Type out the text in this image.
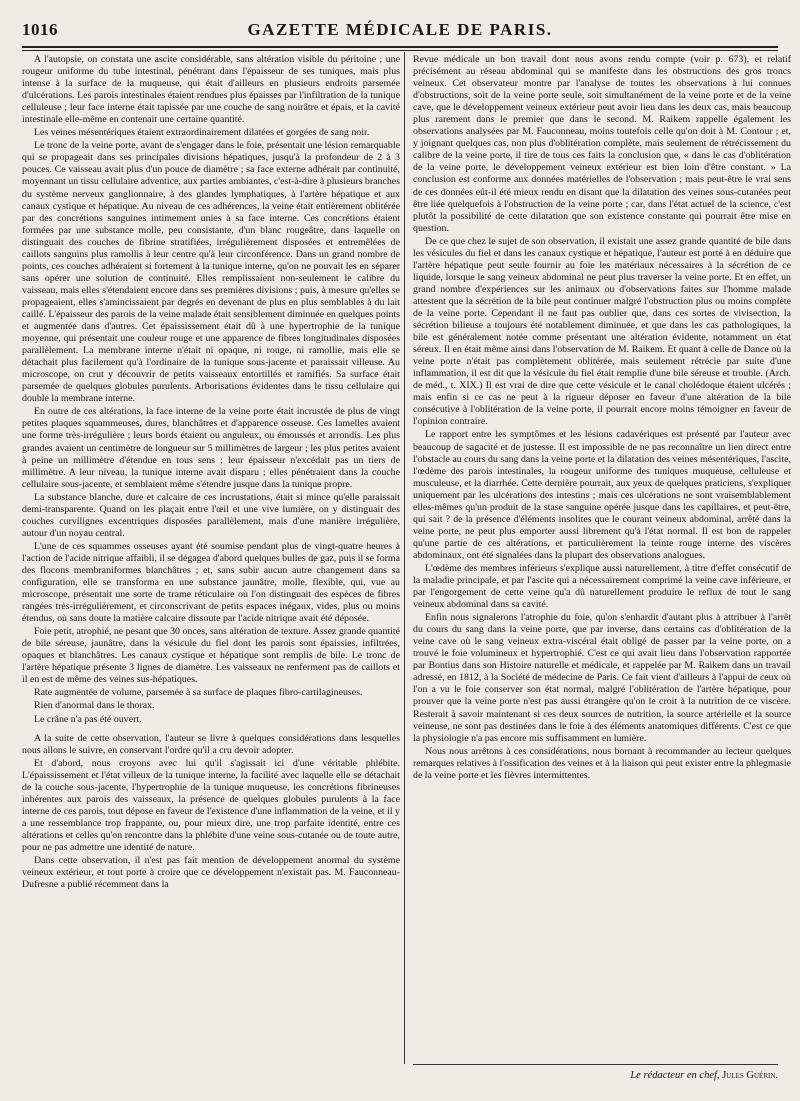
1016	GAZETTE MÉDICALE DE PARIS.

A l'autopsie, on constata une ascite considérable, sans altération visible du péritoine ; une rougeur uniforme du tube intestinal, pénétrant dans l'épaisseur de ses tuniques, mais plus intense à la surface de la muqueuse, qui était d'ailleurs en plusieurs endroits parsemée d'ulcérations. Les parois intestinales étaient rendues plus épaisses par l'infiltration de la tunique celluleuse ; leur face interne était tapissée par une couche de sang noirâtre et épais, et la cavité intestinale elle-même en contenait une certaine quantité.

Les veines mésentériques étaient extraordinairement dilatées et gorgées de sang noir.

Le tronc de la veine porte, avant de s'engager dans le foie, présentait une lésion remarquable qui se propageait dans ses principales divisions hépatiques, jusqu'à la profondeur de 2 à 3 pouces. Ce vaisseau avait plus d'un pouce de diamètre ; sa face externe adhérait par continuité, moyennant un tissu cellulaire adventice, aux parties ambiantes, c'est-à-dire à plusieurs branches du système nerveux ganglionnaire, à des glandes lymphatiques, à l'artère hépatique et aux canaux cystique et hépatique. Au niveau de ces adhérences, la veine était entièrement oblitérée par des concrétions sanguines intimement unies à sa face interne. Ces concrétions étaient formées par une substance molle, peu consistante, d'un blanc rougeâtre, dans laquelle on distinguait des couches de fibrine stratifiées, irrégulièrement disposées et entremêlées de caillots sanguins plus ramollis à leur centre qu'à leur circonférence. Dans un grand nombre de points, ces couches adhéraient si fortement à la tunique interne, qu'on ne pouvait les en séparer sans opérer une solution de continuité. Elles remplissaient non-seulement le calibre du vaisseau, mais elles s'étendaient encore dans ses premières divisions ; puis, à mesure qu'elles se propageaient, elles s'amincissaient par degrés en devenant de plus en plus semblables à du lait caillé. L'épaisseur des parois de la veine malade était sensiblement diminuée en quelques points et augmentée dans d'autres. Cet épaississement était dû à une hypertrophie de la tunique moyenne, qui présentait une couleur rouge et une apparence de fibres longitudinales disposées parallèlement. La membrane interne n'était ni opaque, ni rouge, ni ramollie, mais elle se détachait plus facilement qu'à l'ordinaire de la tunique sous-jacente et paraissait villeuse. Au microscope, on crut y découvrir de petits vaisseaux entortillés et ramifiés. Sa surface était parsemée de quelques globules purulents. Arborisations évidentes dans le tissu cellulaire qui double la membrane interne.

En outre de ces altérations, la face interne de la veine porte était incrustée de plus de vingt petites plaques squammeuses, dures, blanchâtres et d'apparence osseuse. Ces lamelles avaient une forme très-irrégulière ; leurs bords étaient ou anguleux, ou émoussés et arrondis. Les plus grandes avaient un centimètre de longueur sur 5 millimètres de largeur ; les plus petites avaient à peine un millimètre d'étendue en tous sens ; leur épaisseur n'excédait pas un tiers de millimètre. A leur niveau, la tunique interne avait disparu ; elles pénétraient dans la couche cellulaire sous-jacente, et semblaient même s'étendre jusque dans la tunique propre.

La substance blanche, dure et calcaire de ces incrustations, était si mince qu'elle paraissait demi-transparente. Quand on les plaçait entre l'œil et une vive lumière, on y distinguait des couches curvilignes excentriques disposées parallèlement, mais d'une manière irrégulière, autour d'un noyau central.

L'une de ces squammes osseuses ayant été soumise pendant plus de vingt-quatre heures à l'action de l'acide nitrique affaibli, il se dégagea d'abord quelques bulles de gaz, puis il se forma des flocons membraniformes blanchâtres ; et, sans subir aucun autre changement dans sa configuration, elle se transforma en une substance jaunâtre, molle, flexible, qui, vue au microscope, présentait une sorte de trame réticulaire où l'on distinguait des espèces de fibres rangées très-irrégulièrement, et circonscrivant de petits espaces inégaux, vides, plus ou moins étendus, où sans doute la matière calcaire dissoute par l'acide nitrique avait été déposée.

Foie petit, atrophié, ne pesant que 30 onces, sans altération de texture. Assez grande quantité de bile séreuse, jaunâtre, dans la vésicule du fiel dont les parois sont épaissies, infiltrées, opaques et blanchâtres. Les canaux cystique et hépatique sont remplis de bile. Le tronc de l'artère hépatique présente 3 lignes de diamètre. Les vaisseaux ne renferment pas de caillots et il en est de même des veines sus-hépatiques.

Rate augmentée de volume, parsemée à sa surface de plaques fibro-cartilagineuses.

Rien d'anormal dans le thorax.

Le crâne n'a pas été ouvert.

A la suite de cette observation, l'auteur se livre à quelques considérations dans lesquelles nous allons le suivre, en conservant l'ordre qu'il a cru devoir adopter.

Et d'abord, nous croyons avec lui qu'il s'agissait ici d'une véritable phlébite. L'épaississement et l'état villeux de la tunique interne, la facilité avec laquelle elle se détachait de la couche sous-jacente, l'hypertrophie de la tunique muqueuse, les concrétions fibrineuses inhérentes aux parois des vaisseaux, la présence de quelques globules purulents à la face interne de ces parois, tout dépose en faveur de l'existence d'une inflammation de la veine, et il y a une ressemblance trop frappante, ou, pour mieux dire, une trop parfaite identité, entre ces altérations et celles qu'on rencontre dans la phlébite d'une veine sous-cutanée ou de toute autre, pour ne pas admettre une identité de nature.

Dans cette observation, il n'est pas fait mention de développement anormal du système veineux extérieur, et tout porte à croire que ce développement n'existait pas. M. Fauconneau-Dufresne a publié récemment dans la

Revue médicale un bon travail dont nous avons rendu compte (voir p. 673), et relatif précisément au réseau abdominal qui se manifeste dans les obstructions des gros troncs veineux. Cet observateur montre par l'analyse de toutes les observations à lui connues d'obstructions, soit de la veine porte seule, soit simultanément de la veine porte et de la veine cave, que le développement veineux extérieur peut avoir lieu dans les deux cas, mais beaucoup plus rarement dans le premier que dans le second. M. Raikem rappelle également les observations analysées par M. Fauconneau, moins toutefois celle qu'on doit à M. Contour ; et, y joignant quelques cas, non plus d'oblitération complète, mais seulement de rétrécissement du calibre de la veine porte, il tire de tous ces faits la conclusion que, « dans le cas d'oblitération de la veine porte, le développement veineux extérieur est bien loin d'être constant. » La conclusion est conforme aux données matérielles de l'observation ; mais peut-être le vrai sens de ces données eût-il été mieux rendu en disant que la dilatation des veines sous-cutanées peut être liée quelquefois à l'obstruction de la veine porte ; car, dans l'état actuel de la science, c'est plutôt la possibilité de cette dilatation que son existence constante qui pourrait être mise en question.

De ce que chez le sujet de son observation, il existait une assez grande quantité de bile dans les vésicules du fiel et dans les canaux cystique et hépatique, l'auteur est porté à en déduire que l'artère hépatique peut seule fournir au foie les matériaux nécessaires à la sécrétion de ce liquide, lorsque le sang veineux abdominal ne peut plus traverser la veine porte. Et en effet, un grand nombre d'expériences sur les animaux ou d'observations faites sur l'homme malade attestent que la sécrétion de la bile peut continuer malgré l'obstruction plus ou moins complète de la veine porte. Cependant il ne faut pas oublier que, dans ces sortes de vivisection, la sécrétion bilieuse a toujours été notablement diminuée, et que dans les cas pathologiques, la bile est généralement notée comme présentant une altération évidente, notamment un état séreux. Il en était même ainsi dans l'observation de M. Raikem. Et quant à celle de Dance où la veine porte n'était pas complètement oblitérée, mais seulement rétrécie par suite d'une inflammation, il est dit que la vésicule du fiel était remplie d'une bile séreuse et trouble. (Arch. de méd., t. XIX.) Il est vrai de dire que cette vésicule et le canal cholédoque étaient ulcérés ; mais enfin si ce cas ne peut à la rigueur déposer en faveur d'une altération de la bile consécutive à l'oblitération de la veine porte, il pourrait encore moins témoigner en faveur de l'opinion contraire.

Le rapport entre les symptômes et les lésions cadavériques est présenté par l'auteur avec beaucoup de sagacité et de justesse. Il est impossible de ne pas reconnaître un lien direct entre l'obstacle au cours du sang dans la veine porte et la dilatation des veines mésentériques, l'ascite, l'œdème des parois intestinales, la rougeur uniforme des tuniques muqueuse, celluleuse et musculeuse, et la diarrhée. Cette dernière pourrait, aux yeux de quelques praticiens, s'expliquer uniquement par les ulcérations des intestins ; mais ces ulcérations ne sont vraisemblablement elles-mêmes qu'un produit de la stase sanguine opérée jusque dans les capillaires, et peut-être, qui sait ? de la présence d'éléments insolites que le courant veineux abdominal, arrêté dans la veine porte, ne peut plus emporter aussi librement qu'à l'état normal. Il est bon de rappeler qu'une partie de ces altérations, et particulièrement la teinte rouge interne des viscères abdominaux, ont été signalées dans la plupart des observations analogues.

L'œdème des membres inférieurs s'explique aussi naturellement, à titre d'effet consécutif de la maladie principale, et par l'ascite qui a nécessairement comprimé la veine cave inférieure, et par l'engorgement de cette veine qu'a dû naturellement produire le reflux de tout le sang veineux abdominal dans sa cavité.

Enfin nous signalerons l'atrophie du foie, qu'on s'enhardit d'autant plus à attribuer à l'arrêt du cours du sang dans la veine porte, que par inverse, dans certains cas d'oblitération de la veine cave où le sang veineux extra-viscéral était obligé de passer par la veine porte, on a trouvé le foie volumineux et hypertrophié. C'est ce qui avait lieu dans l'observation rapportée par Bontius dans son Histoire naturelle et médicale, et rappelée par M. Raikem dans un travail adressé, en 1812, à la Société de médecine de Paris. Ce fait vient d'ailleurs à l'appui de ceux où l'on a vu le foie conserver son état normal, malgré l'oblitération de l'artère hépatique, pour prouver que la veine porte n'est pas aussi étrangère qu'on le croit à la nutrition de ce viscère. Resterait à savoir maintenant si ces deux sources de nutrition, la source artérielle et la source veineuse, ne sont pas destinées dans le foie à des éléments anatomiques différents. C'est ce que la physiologie n'a pas encore mis suffisamment en lumière.

Nous nous arrêtons à ces considérations, nous bornant à recommander au lecteur quelques remarques relatives à l'ossification des veines et à la liaison qui peut exister entre la phlegmasie de la veine porte et les fièvres intermittentes.

Le rédacteur en chef, Jules Guérin.
